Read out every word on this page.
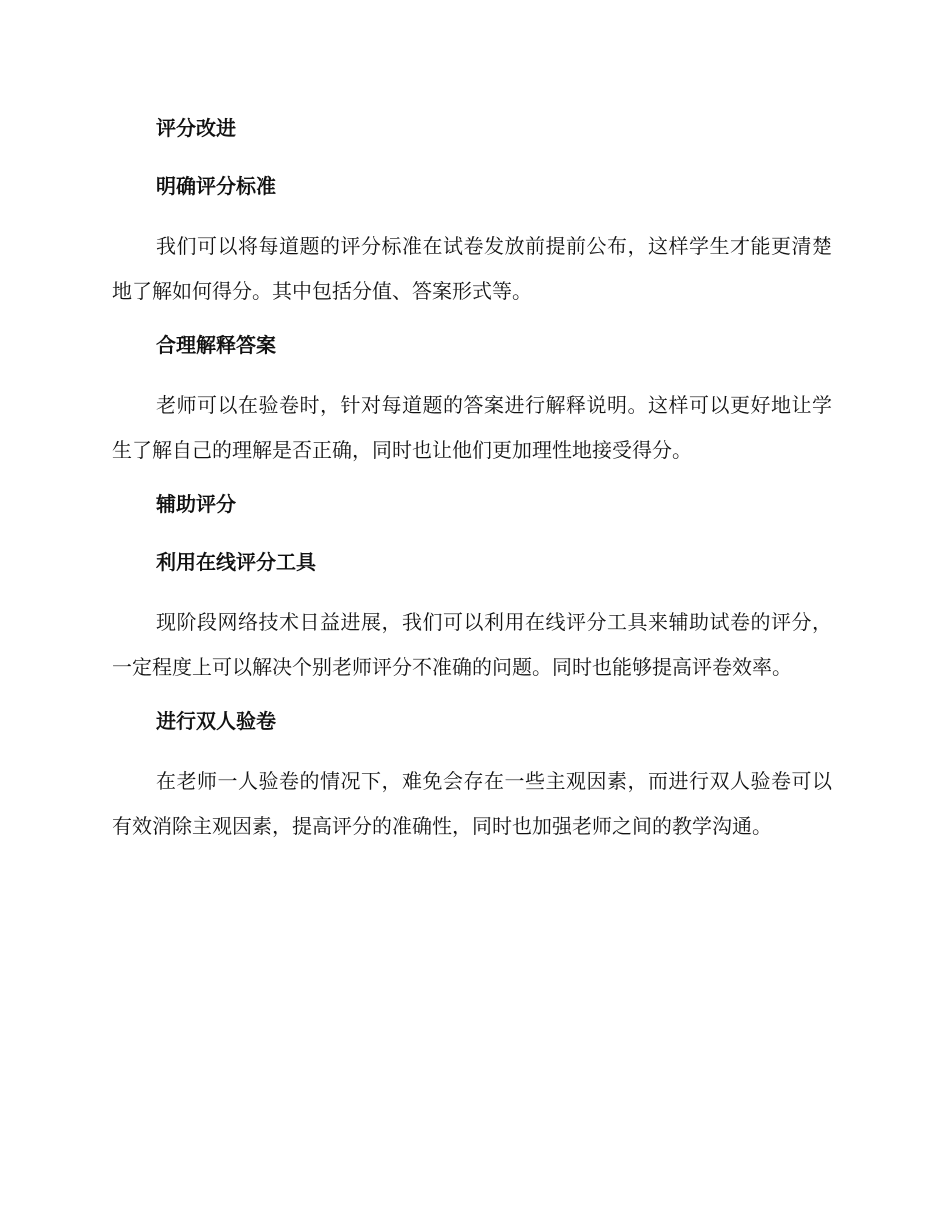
评分改进
明确评分标准

我们可以将每道题的评分标准在试卷发放前提前公布，这样学生才能更清楚地了解如何得分。其中包括分值、答案形式等。

合理解释答案

老师可以在验卷时，针对每道题的答案进行解释说明。这样可以更好地让学生了解自己的理解是否正确，同时也让他们更加理性地接受得分。

辅助评分
利用在线评分工具

现阶段网络技术日益进展，我们可以利用在线评分工具来辅助试卷的评分，一定程度上可以解决个别老师评分不准确的问题。同时也能够提高评卷效率。

进行双人验卷

在老师一人验卷的情况下，难免会存在一些主观因素，而进行双人验卷可以有效消除主观因素，提高评分的准确性，同时也加强老师之间的教学沟通。
